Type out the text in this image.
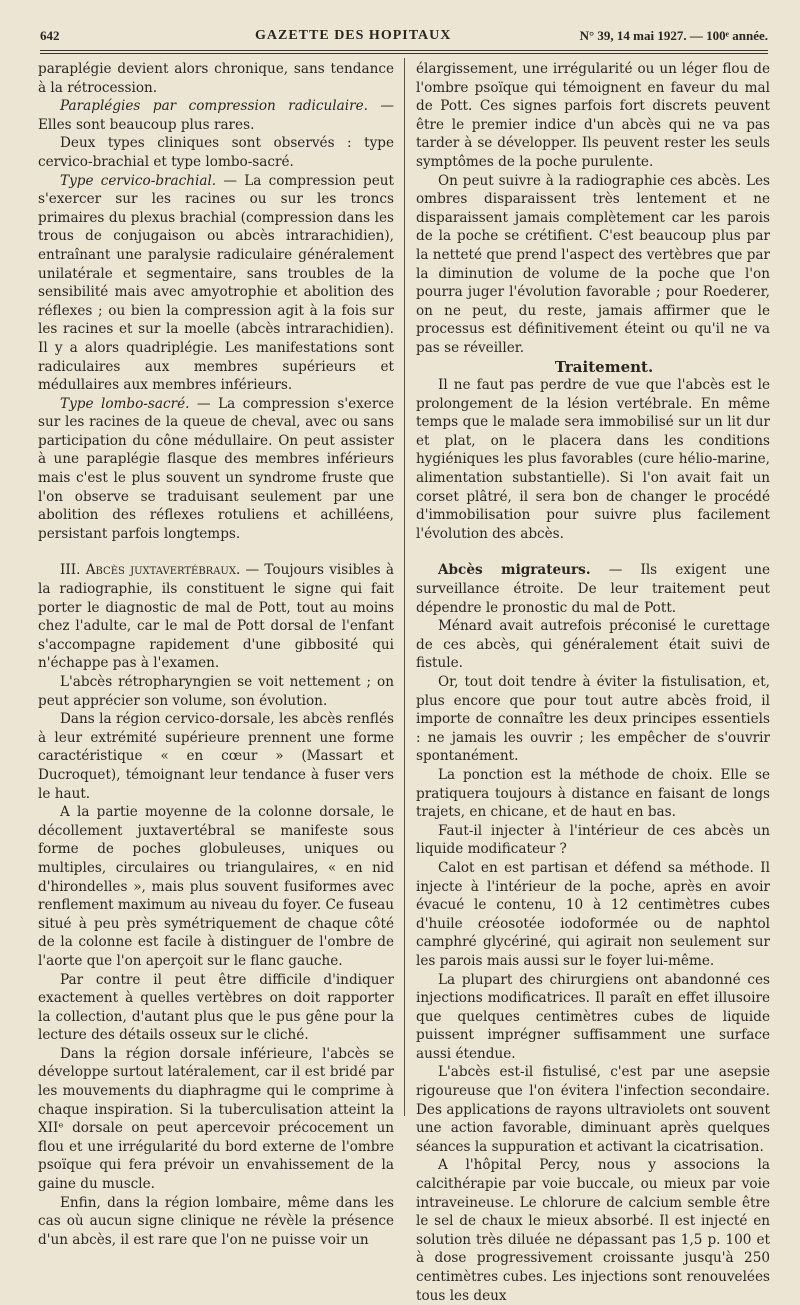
642	GAZETTE DES HOPITAUX	N° 39, 14 mai 1927. — 100ᵉ année.

paraplégie devient alors chronique, sans tendance à la rétrocession.

Paraplégies par compression radiculaire. — Elles sont beaucoup plus rares.

Deux types cliniques sont observés : type cervico-brachial et type lombo-sacré.

Type cervico-brachial. — La compression peut s'exercer sur les racines ou sur les troncs primaires du plexus brachial (compression dans les trous de conjugaison ou abcès intrarachidien), entraînant une paralysie radiculaire généralement unilatérale et segmentaire, sans troubles de la sensibilité mais avec amyotrophie et abolition des réflexes ; ou bien la compression agit à la fois sur les racines et sur la moelle (abcès intrarachidien). Il y a alors quadriplégie. Les manifestations sont radiculaires aux membres supérieurs et médullaires aux membres inférieurs.

Type lombo-sacré. — La compression s'exerce sur les racines de la queue de cheval, avec ou sans participation du cône médullaire. On peut assister à une paraplégie flasque des membres inférieurs mais c'est le plus souvent un syndrome fruste que l'on observe se traduisant seulement par une abolition des réflexes rotuliens et achilléens, persistant parfois longtemps.

III. Abcès juxtavertébraux. — Toujours visibles à la radiographie, ils constituent le signe qui fait porter le diagnostic de mal de Pott, tout au moins chez l'adulte, car le mal de Pott dorsal de l'enfant s'accompagne rapidement d'une gibbosité qui n'échappe pas à l'examen.

L'abcès rétropharyngien se voit nettement ; on peut apprécier son volume, son évolution.

Dans la région cervico-dorsale, les abcès renflés à leur extrémité supérieure prennent une forme caractéristique « en cœur » (Massart et Ducroquet), témoignant leur tendance à fuser vers le haut.

A la partie moyenne de la colonne dorsale, le décollement juxtavertébral se manifeste sous forme de poches globuleuses, uniques ou multiples, circulaires ou triangulaires, « en nid d'hirondelles », mais plus souvent fusiformes avec renflement maximum au niveau du foyer. Ce fuseau situé à peu près symétriquement de chaque côté de la colonne est facile à distinguer de l'ombre de l'aorte que l'on aperçoit sur le flanc gauche.

Par contre il peut être difficile d'indiquer exactement à quelles vertèbres on doit rapporter la collection, d'autant plus que le pus gêne pour la lecture des détails osseux sur le cliché.

Dans la région dorsale inférieure, l'abcès se développe surtout latéralement, car il est bridé par les mouvements du diaphragme qui le comprime à chaque inspiration. Si la tuberculisation atteint la XIIᵉ dorsale on peut apercevoir précocement un flou et une irrégularité du bord externe de l'ombre psoïque qui fera prévoir un envahissement de la gaine du muscle.

Enfin, dans la région lombaire, même dans les cas où aucun signe clinique ne révèle la présence d'un abcès, il est rare que l'on ne puisse voir un

élargissement, une irrégularité ou un léger flou de l'ombre psoïque qui témoignent en faveur du mal de Pott. Ces signes parfois fort discrets peuvent être le premier indice d'un abcès qui ne va pas tarder à se développer. Ils peuvent rester les seuls symptômes de la poche purulente.

On peut suivre à la radiographie ces abcès. Les ombres disparaissent très lentement et ne disparaissent jamais complètement car les parois de la poche se crétifient. C'est beaucoup plus par la netteté que prend l'aspect des vertèbres que par la diminution de volume de la poche que l'on pourra juger l'évolution favorable ; pour Roederer, on ne peut, du reste, jamais affirmer que le processus est définitivement éteint ou qu'il ne va pas se réveiller.

Traitement.

Il ne faut pas perdre de vue que l'abcès est le prolongement de la lésion vertébrale. En même temps que le malade sera immobilisé sur un lit dur et plat, on le placera dans les conditions hygiéniques les plus favorables (cure hélio-marine, alimentation substantielle). Si l'on avait fait un corset plâtré, il sera bon de changer le procédé d'immobilisation pour suivre plus facilement l'évolution des abcès.

Abcès migrateurs. — Ils exigent une surveillance étroite. De leur traitement peut dépendre le pronostic du mal de Pott.

Ménard avait autrefois préconisé le curettage de ces abcès, qui généralement était suivi de fistule.

Or, tout doit tendre à éviter la fistulisation, et, plus encore que pour tout autre abcès froid, il importe de connaître les deux principes essentiels : ne jamais les ouvrir ; les empêcher de s'ouvrir spontanément.

La ponction est la méthode de choix. Elle se pratiquera toujours à distance en faisant de longs trajets, en chicane, et de haut en bas.

Faut-il injecter à l'intérieur de ces abcès un liquide modificateur ?

Calot en est partisan et défend sa méthode. Il injecte à l'intérieur de la poche, après en avoir évacué le contenu, 10 à 12 centimètres cubes d'huile créosotée iodoformée ou de naphtol camphré glycériné, qui agirait non seulement sur les parois mais aussi sur le foyer lui-même.

La plupart des chirurgiens ont abandonné ces injections modificatrices. Il paraît en effet illusoire que quelques centimètres cubes de liquide puissent imprégner suffisamment une surface aussi étendue.

L'abcès est-il fistulisé, c'est par une asepsie rigoureuse que l'on évitera l'infection secondaire. Des applications de rayons ultraviolets ont souvent une action favorable, diminuant après quelques séances la suppuration et activant la cicatrisation.

A l'hôpital Percy, nous y associons la calcithérapie par voie buccale, ou mieux par voie intraveineuse. Le chlorure de calcium semble être le sel de chaux le mieux absorbé. Il est injecté en solution très diluée ne dépassant pas 1,5 p. 100 et à dose progressivement croissante jusqu'à 250 centimètres cubes. Les injections sont renouvelées tous les deux
